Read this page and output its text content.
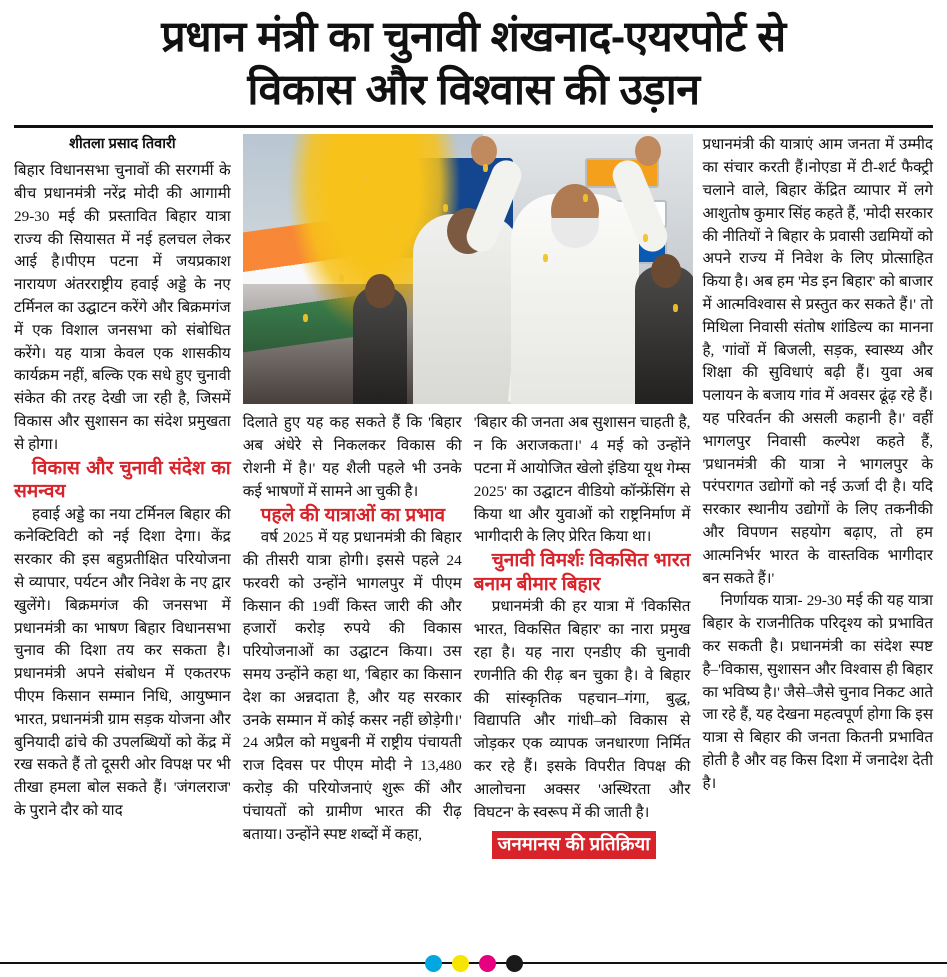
प्रधान मंत्री का चुनावी शंखनाद-एयरपोर्ट से
विकास और विश्वास की उड़ान
शीतला प्रसाद तिवारी

बिहार विधानसभा चुनावों की सरगर्मी के बीच प्रधानमंत्री नरेंद्र मोदी की आगामी 29-30 मई की प्रस्तावित बिहार यात्रा राज्य की सियासत में नई हलचल लेकर आई है।पीएम पटना में जयप्रकाश नारायण अंतरराष्ट्रीय हवाई अड्डे के नए टर्मिनल का उद्घाटन करेंगे और बिक्रमगंज में एक विशाल जनसभा को संबोधित करेंगे। यह यात्रा केवल एक शासकीय कार्यक्रम नहीं, बल्कि एक सधे हुए चुनावी संकेत की तरह देखी जा रही है, जिसमें विकास और सुशासन का संदेश प्रमुखता से होगा।

विकास और चुनावी संदेश का समन्वय

हवाई अड्डे का नया टर्मिनल बिहार की कनेक्टिविटी को नई दिशा देगा। केंद्र सरकार की इस बहुप्रतीक्षित परियोजना से व्यापार, पर्यटन और निवेश के नए द्वार खुलेंगे। बिक्रमगंज की जनसभा में प्रधानमंत्री का भाषण बिहार विधानसभा चुनाव की दिशा तय कर सकता है। प्रधानमंत्री अपने संबोधन में एकतरफ पीएम किसान सम्मान निधि, आयुष्मान भारत, प्रधानमंत्री ग्राम सड़क योजना और बुनियादी ढांचे की उपलब्धियों को केंद्र में रख सकते हैं तो दूसरी ओर विपक्ष पर भी तीखा हमला बोल सकते हैं। 'जंगलराज' के पुराने दौर को याद

दिलाते हुए यह कह सकते हैं कि 'बिहार अब अंधेरे से निकलकर विकास की रोशनी में है।' यह शैली पहले भी उनके कई भाषणों में सामने आ चुकी है।

पहले की यात्राओं का प्रभाव

वर्ष 2025 में यह प्रधानमंत्री की बिहार की तीसरी यात्रा होगी। इससे पहले 24 फरवरी को उन्होंने भागलपुर में पीएम किसान की 19वीं किस्त जारी की और हजारों करोड़ रुपये की विकास परियोजनाओं का उद्घाटन किया। उस समय उन्होंने कहा था, 'बिहार का किसान देश का अन्नदाता है, और यह सरकार उनके सम्मान में कोई कसर नहीं छोड़ेगी।' 24 अप्रैल को मधुबनी में राष्ट्रीय पंचायती राज दिवस पर पीएम मोदी ने 13,480 करोड़ की परियोजनाएं शुरू कीं और पंचायतों को ग्रामीण भारत की रीढ़ बताया। उन्होंने स्पष्ट शब्दों में कहा,

'बिहार की जनता अब सुशासन चाहती है, न कि अराजकता।' 4 मई को उन्होंने पटना में आयोजित खेलो इंडिया यूथ गेम्स 2025' का उद्घाटन वीडियो कॉन्फ्रेंसिंग से किया था और युवाओं को राष्ट्रनिर्माण में भागीदारी के लिए प्रेरित किया था।

चुनावी विमर्शः विकसित भारत बनाम बीमार बिहार

प्रधानमंत्री की हर यात्रा में 'विकसित भारत, विकसित बिहार' का नारा प्रमुख रहा है। यह नारा एनडीए की चुनावी रणनीति की रीढ़ बन चुका है। वे बिहार की सांस्कृतिक पहचान–गंगा, बुद्ध, विद्यापति और गांधी–को विकास से जोड़कर एक व्यापक जनधारणा निर्मित कर रहे हैं। इसके विपरीत विपक्ष की आलोचना अक्सर 'अस्थिरता और विघटन' के स्वरूप में की जाती है।

जनमानस की प्रतिक्रिया

प्रधानमंत्री की यात्राएं आम जनता में उम्मीद का संचार करती हैं।नोएडा में टी-शर्ट फैक्ट्री चलाने वाले, बिहार केंद्रित व्यापार में लगे आशुतोष कुमार सिंह कहते हैं, 'मोदी सरकार की नीतियों ने बिहार के प्रवासी उद्यमियों को अपने राज्य में निवेश के लिए प्रोत्साहित किया है। अब हम 'मेड इन बिहार' को बाजार में आत्मविश्वास से प्रस्तुत कर सकते हैं।' तो मिथिला निवासी संतोष शांडिल्य का मानना है, 'गांवों में बिजली, सड़क, स्वास्थ्य और शिक्षा की सुविधाएं बढ़ी हैं। युवा अब पलायन के बजाय गांव में अवसर ढूंढ़ रहे हैं। यह परिवर्तन की असली कहानी है।' वहीं भागलपुर निवासी कल्पेश कहते हैं, 'प्रधानमंत्री की यात्रा ने भागलपुर के परंपरागत उद्योगों को नई ऊर्जा दी है। यदि सरकार स्थानीय उद्योगों के लिए तकनीकी और विपणन सहयोग बढ़ाए, तो हम आत्मनिर्भर भारत के वास्तविक भागीदार बन सकते हैं।'

निर्णायक यात्रा- 29-30 मई की यह यात्रा बिहार के राजनीतिक परिदृश्य को प्रभावित कर सकती है। प्रधानमंत्री का संदेश स्पष्ट है–'विकास, सुशासन और विश्वास ही बिहार का भविष्य है।' जैसे–जैसे चुनाव निकट आते जा रहे हैं, यह देखना महत्वपूर्ण होगा कि इस यात्रा से बिहार की जनता कितनी प्रभावित होती है और वह किस दिशा में जनादेश देती है।
